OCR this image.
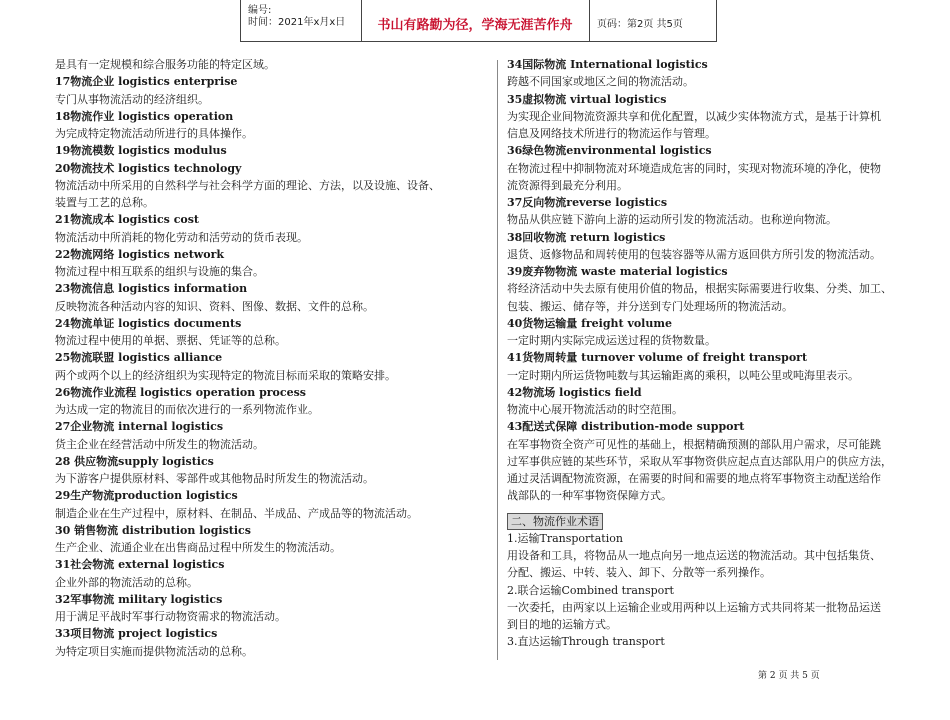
编号:
时间：2021年x月x日	书山有路勤为径，学海无涯苦作舟	页码：第2页 共5页
是具有一定规模和综合服务功能的特定区域。
17物流企业 logistics enterprise
专门从事物流活动的经济组织。
18物流作业 logistics operation
为完成特定物流活动所进行的具体操作。
19物流模数 logistics modulus
20物流技术 logistics technology
物流活动中所采用的自然科学与社会科学方面的理论、方法，以及设施、设备、
装置与工艺的总称。
21物流成本 logistics cost
物流活动中所消耗的物化劳动和活劳动的货币表现。
22物流网络 logistics network
物流过程中相互联系的组织与设施的集合。
23物流信息 logistics information
反映物流各种活动内容的知识、资料、图像、数据、文件的总称。
24物流单证 logistics documents
物流过程中使用的单据、票据、凭证等的总称。
25物流联盟 logistics alliance
两个或两个以上的经济组织为实现特定的物流目标而采取的策略安排。
26物流作业流程 logistics operation process
为达成一定的物流目的而依次进行的一系列物流作业。
27企业物流 internal logistics
货主企业在经营活动中所发生的物流活动。
28 供应物流supply logistics
为下游客户提供原材料、零部件或其他物品时所发生的物流活动。
29生产物流production logistics
制造企业在生产过程中，原材料、在制品、半成品、产成品等的物流活动。
30 销售物流 distribution logistics
生产企业、流通企业在出售商品过程中所发生的物流活动。
31社会物流 external logistics
企业外部的物流活动的总称。
32军事物流 military logistics
用于满足平战时军事行动物资需求的物流活动。
33项目物流 project logistics
为特定项目实施而提供物流活动的总称。
34国际物流 International logistics
跨越不同国家或地区之间的物流活动。
35虚拟物流 virtual logistics
为实现企业间物流资源共享和优化配置，以减少实体物流方式，是基于计算机
信息及网络技术所进行的物流运作与管理。
36绿色物流environmental logistics
在物流过程中抑制物流对环境造成危害的同时，实现对物流环境的净化，使物
流资源得到最充分利用。
37反向物流reverse logistics
物品从供应链下游向上游的运动所引发的物流活动。也称逆向物流。
38回收物流 return logistics
退货、返修物品和周转使用的包装容器等从需方返回供方所引发的物流活动。
39废弃物物流 waste material logistics
将经济活动中失去原有使用价值的物品，根据实际需要进行收集、分类、加工、
包装、搬运、储存等，并分送到专门处理场所的物流活动。
40货物运输量 freight volume
一定时期内实际完成运送过程的货物数量。
41货物周转量 turnover volume of freight transport
一定时期内所运货物吨数与其运输距离的乘积，以吨公里或吨海里表示。
42物流场 logistics field
物流中心展开物流活动的时空范围。
43配送式保障 distribution-mode support
在军事物资全资产可见性的基础上，根据精确预测的部队用户需求，尽可能跳
过军事供应链的某些环节，采取从军事物资供应起点直达部队用户的供应方法，
通过灵活调配物流资源，在需要的时间和需要的地点将军事物资主动配送给作
战部队的一种军事物资保障方式。
二、物流作业术语
1.运输Transportation
用设备和工具，将物品从一地点向另一地点运送的物流活动。其中包括集货、
分配、搬运、中转、装入、卸下、分散等一系列操作。
2.联合运输Combined transport
一次委托，由两家以上运输企业或用两种以上运输方式共同将某一批物品运送
到目的地的运输方式。
3.直达运输Through transport
第 2 页 共 5 页
